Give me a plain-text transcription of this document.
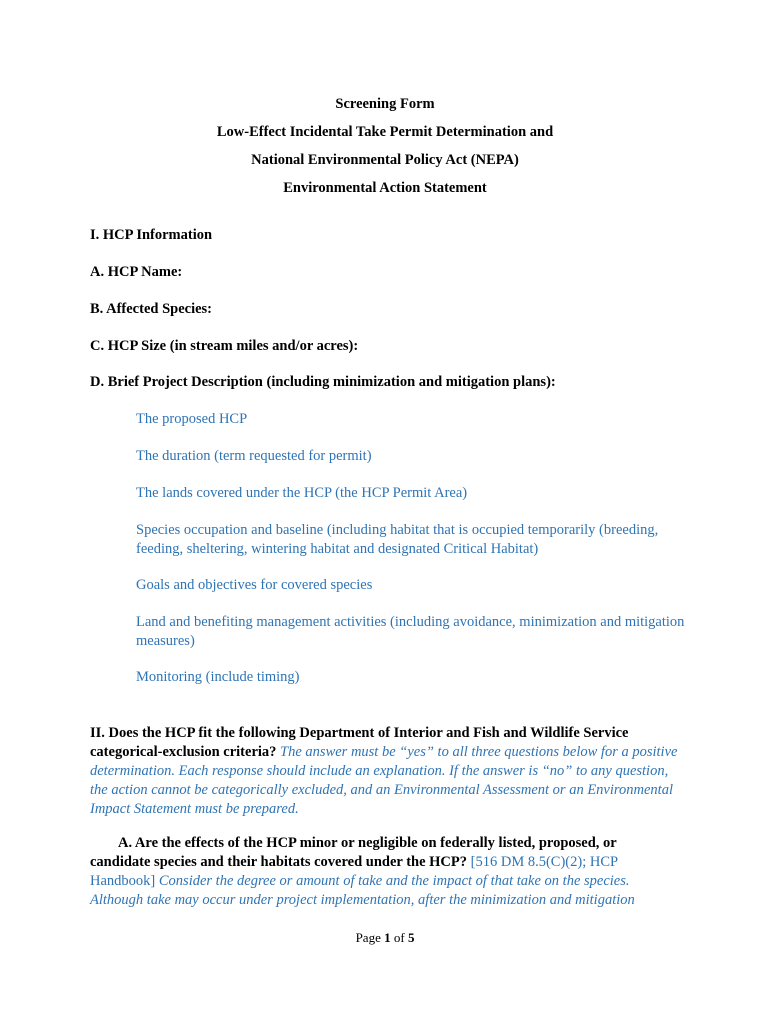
Screening Form
Low-Effect Incidental Take Permit Determination and
National Environmental Policy Act (NEPA)
Environmental Action Statement
I. HCP Information
A. HCP Name:
B. Affected Species:
C. HCP Size (in stream miles and/or acres):
D. Brief Project Description (including minimization and mitigation plans):
The proposed HCP
The duration (term requested for permit)
The lands covered under the HCP (the HCP Permit Area)
Species occupation and baseline (including habitat that is occupied temporarily (breeding, feeding, sheltering, wintering habitat and designated Critical Habitat)
Goals and objectives for covered species
Land and benefiting management activities (including avoidance, minimization and mitigation measures)
Monitoring (include timing)
II. Does the HCP fit the following Department of Interior and Fish and Wildlife Service categorical-exclusion criteria? The answer must be “yes” to all three questions below for a positive determination. Each response should include an explanation. If the answer is “no” to any question, the action cannot be categorically excluded, and an Environmental Assessment or an Environmental Impact Statement must be prepared.
A. Are the effects of the HCP minor or negligible on federally listed, proposed, or candidate species and their habitats covered under the HCP? [516 DM 8.5(C)(2); HCP Handbook] Consider the degree or amount of take and the impact of that take on the species. Although take may occur under project implementation, after the minimization and mitigation
Page 1 of 5
